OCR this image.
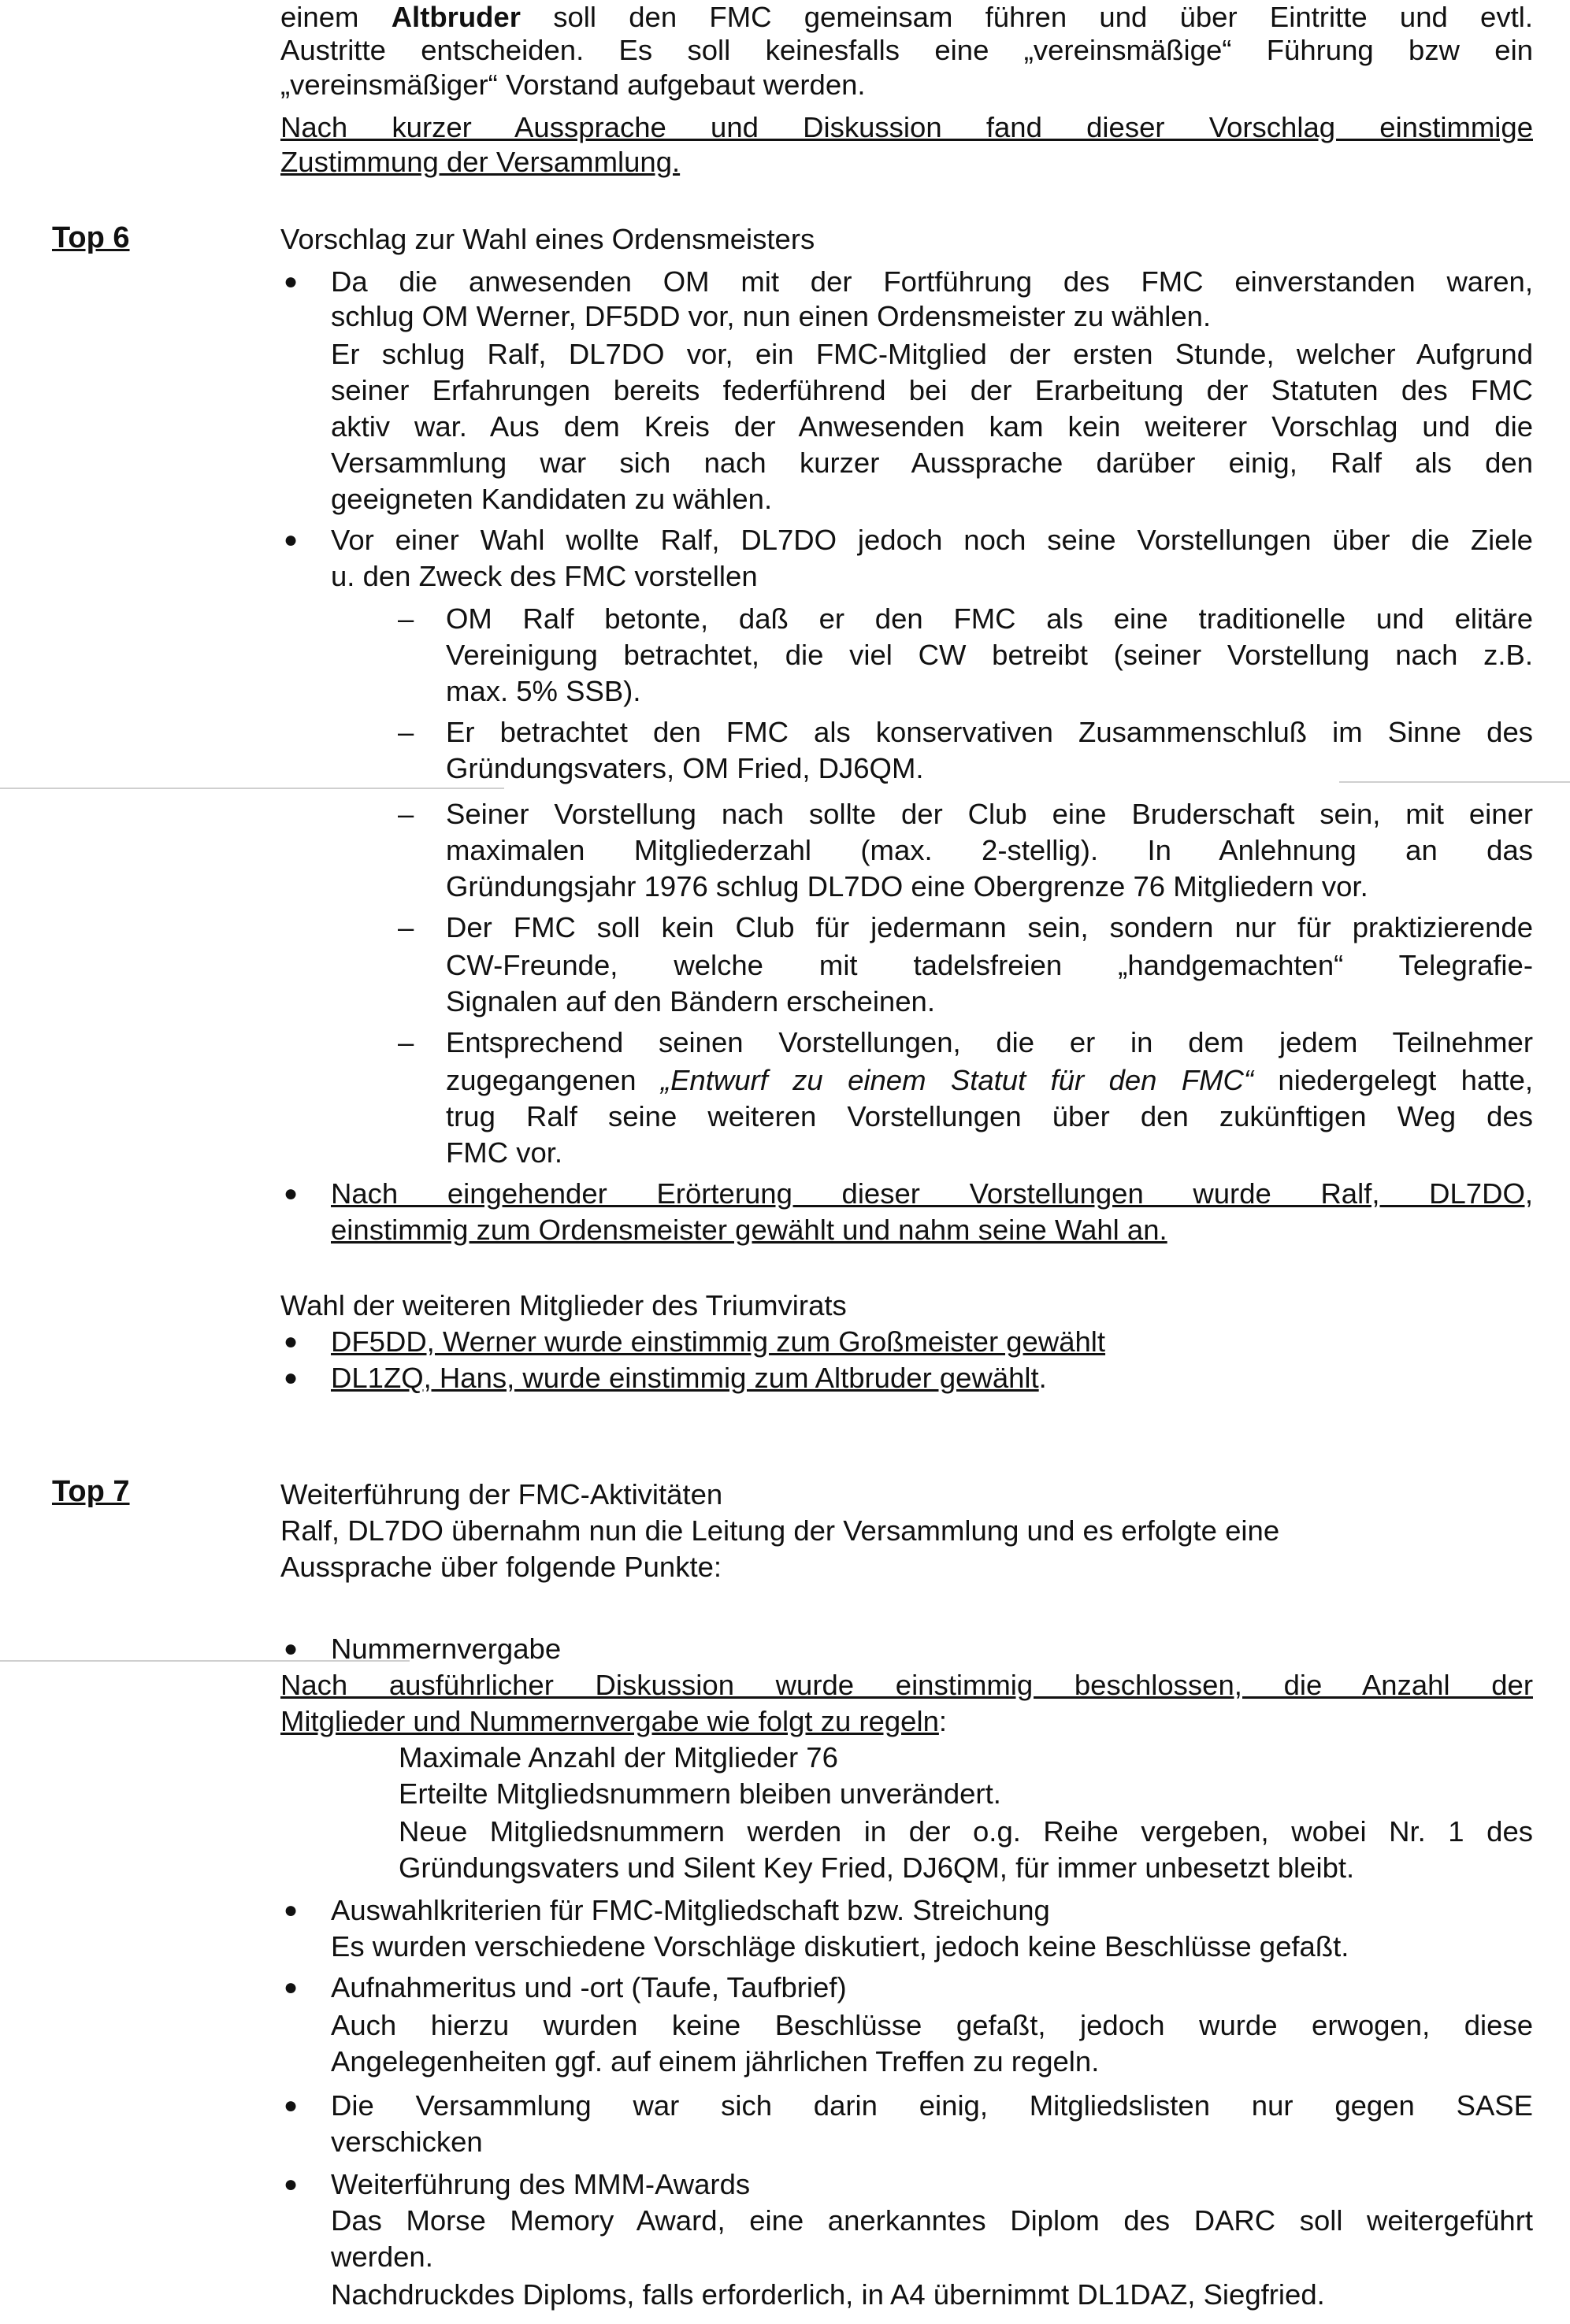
einem Altbruder soll den FMC gemeinsam führen und über Eintritte und evtl.
Austritte entscheiden. Es soll keinesfalls eine „vereinsmäßige“ Führung bzw ein
„vereinsmäßiger“ Vorstand aufgebaut werden.
Nach kurzer Aussprache und Diskussion fand dieser Vorschlag einstimmige
Zustimmung der Versammlung.
Top 6	Vorschlag zur Wahl eines Ordensmeisters
● Da die anwesenden OM mit der Fortführung des FMC einverstanden waren,
schlug OM Werner, DF5DD vor, nun einen Ordensmeister zu wählen.
Er schlug Ralf, DL7DO vor, ein FMC-Mitglied der ersten Stunde, welcher Aufgrund
seiner Erfahrungen bereits federführend bei der Erarbeitung der Statuten des FMC
aktiv war. Aus dem Kreis der Anwesenden kam kein weiterer Vorschlag und die
Versammlung war sich nach kurzer Aussprache darüber einig, Ralf als den
geeigneten Kandidaten zu wählen.
● Vor einer Wahl wollte Ralf, DL7DO jedoch noch seine Vorstellungen über die Ziele
u. den Zweck des FMC vorstellen
– OM Ralf betonte, daß er den FMC als eine traditionelle und elitäre
Vereinigung betrachtet, die viel CW betreibt (seiner Vorstellung nach z.B.
max. 5% SSB).
– Er betrachtet den FMC als konservativen Zusammenschluß im Sinne des
Gründungsvaters, OM Fried, DJ6QM.
– Seiner Vorstellung nach sollte der Club eine Bruderschaft sein, mit einer
maximalen Mitgliederzahl (max. 2-stellig). In Anlehnung an das
Gründungsjahr 1976 schlug DL7DO eine Obergrenze 76 Mitgliedern vor.
– Der FMC soll kein Club für jedermann sein, sondern nur für praktizierende
CW-Freunde, welche mit tadelsfreien „handgemachten“ Telegrafie-
Signalen auf den Bändern erscheinen.
– Entsprechend seinen Vorstellungen, die er in dem jedem Teilnehmer
zugegangenen „Entwurf zu einem Statut für den FMC“ niedergelegt hatte,
trug Ralf seine weiteren Vorstellungen über den zukünftigen Weg des
FMC vor.
● Nach eingehender Erörterung dieser Vorstellungen wurde Ralf, DL7DO,
einstimmig zum Ordensmeister gewählt und nahm seine Wahl an.
Wahl der weiteren Mitglieder des Triumvirats
● DF5DD, Werner wurde einstimmig zum Großmeister gewählt
● DL1ZQ, Hans, wurde einstimmig zum Altbruder gewählt.
Top 7	Weiterführung der FMC-Aktivitäten
Ralf, DL7DO übernahm nun die Leitung der Versammlung und es erfolgte eine
Aussprache über folgende Punkte:
● Nummernvergabe
Nach ausführlicher Diskussion wurde einstimmig beschlossen, die Anzahl der
Mitglieder und Nummernvergabe wie folgt zu regeln:
Maximale Anzahl der Mitglieder 76
Erteilte Mitgliedsnummern bleiben unverändert.
Neue Mitgliedsnummern werden in der o.g. Reihe vergeben, wobei Nr. 1 des
Gründungsvaters und Silent Key Fried, DJ6QM, für immer unbesetzt bleibt.
● Auswahlkriterien für FMC-Mitgliedschaft bzw. Streichung
Es wurden verschiedene Vorschläge diskutiert, jedoch keine Beschlüsse gefaßt.
● Aufnahmeritus und -ort (Taufe, Taufbrief)
Auch hierzu wurden keine Beschlüsse gefaßt, jedoch wurde erwogen, diese
Angelegenheiten ggf. auf einem jährlichen Treffen zu regeln.
● Die Versammlung war sich darin einig, Mitgliedslisten nur gegen SASE
verschicken
● Weiterführung des MMM-Awards
Das Morse Memory Award, eine anerkanntes Diplom des DARC soll weitergeführt
werden.
Nachdruckdes Diploms, falls erforderlich, in A4 übernimmt DL1DAZ, Siegfried.
